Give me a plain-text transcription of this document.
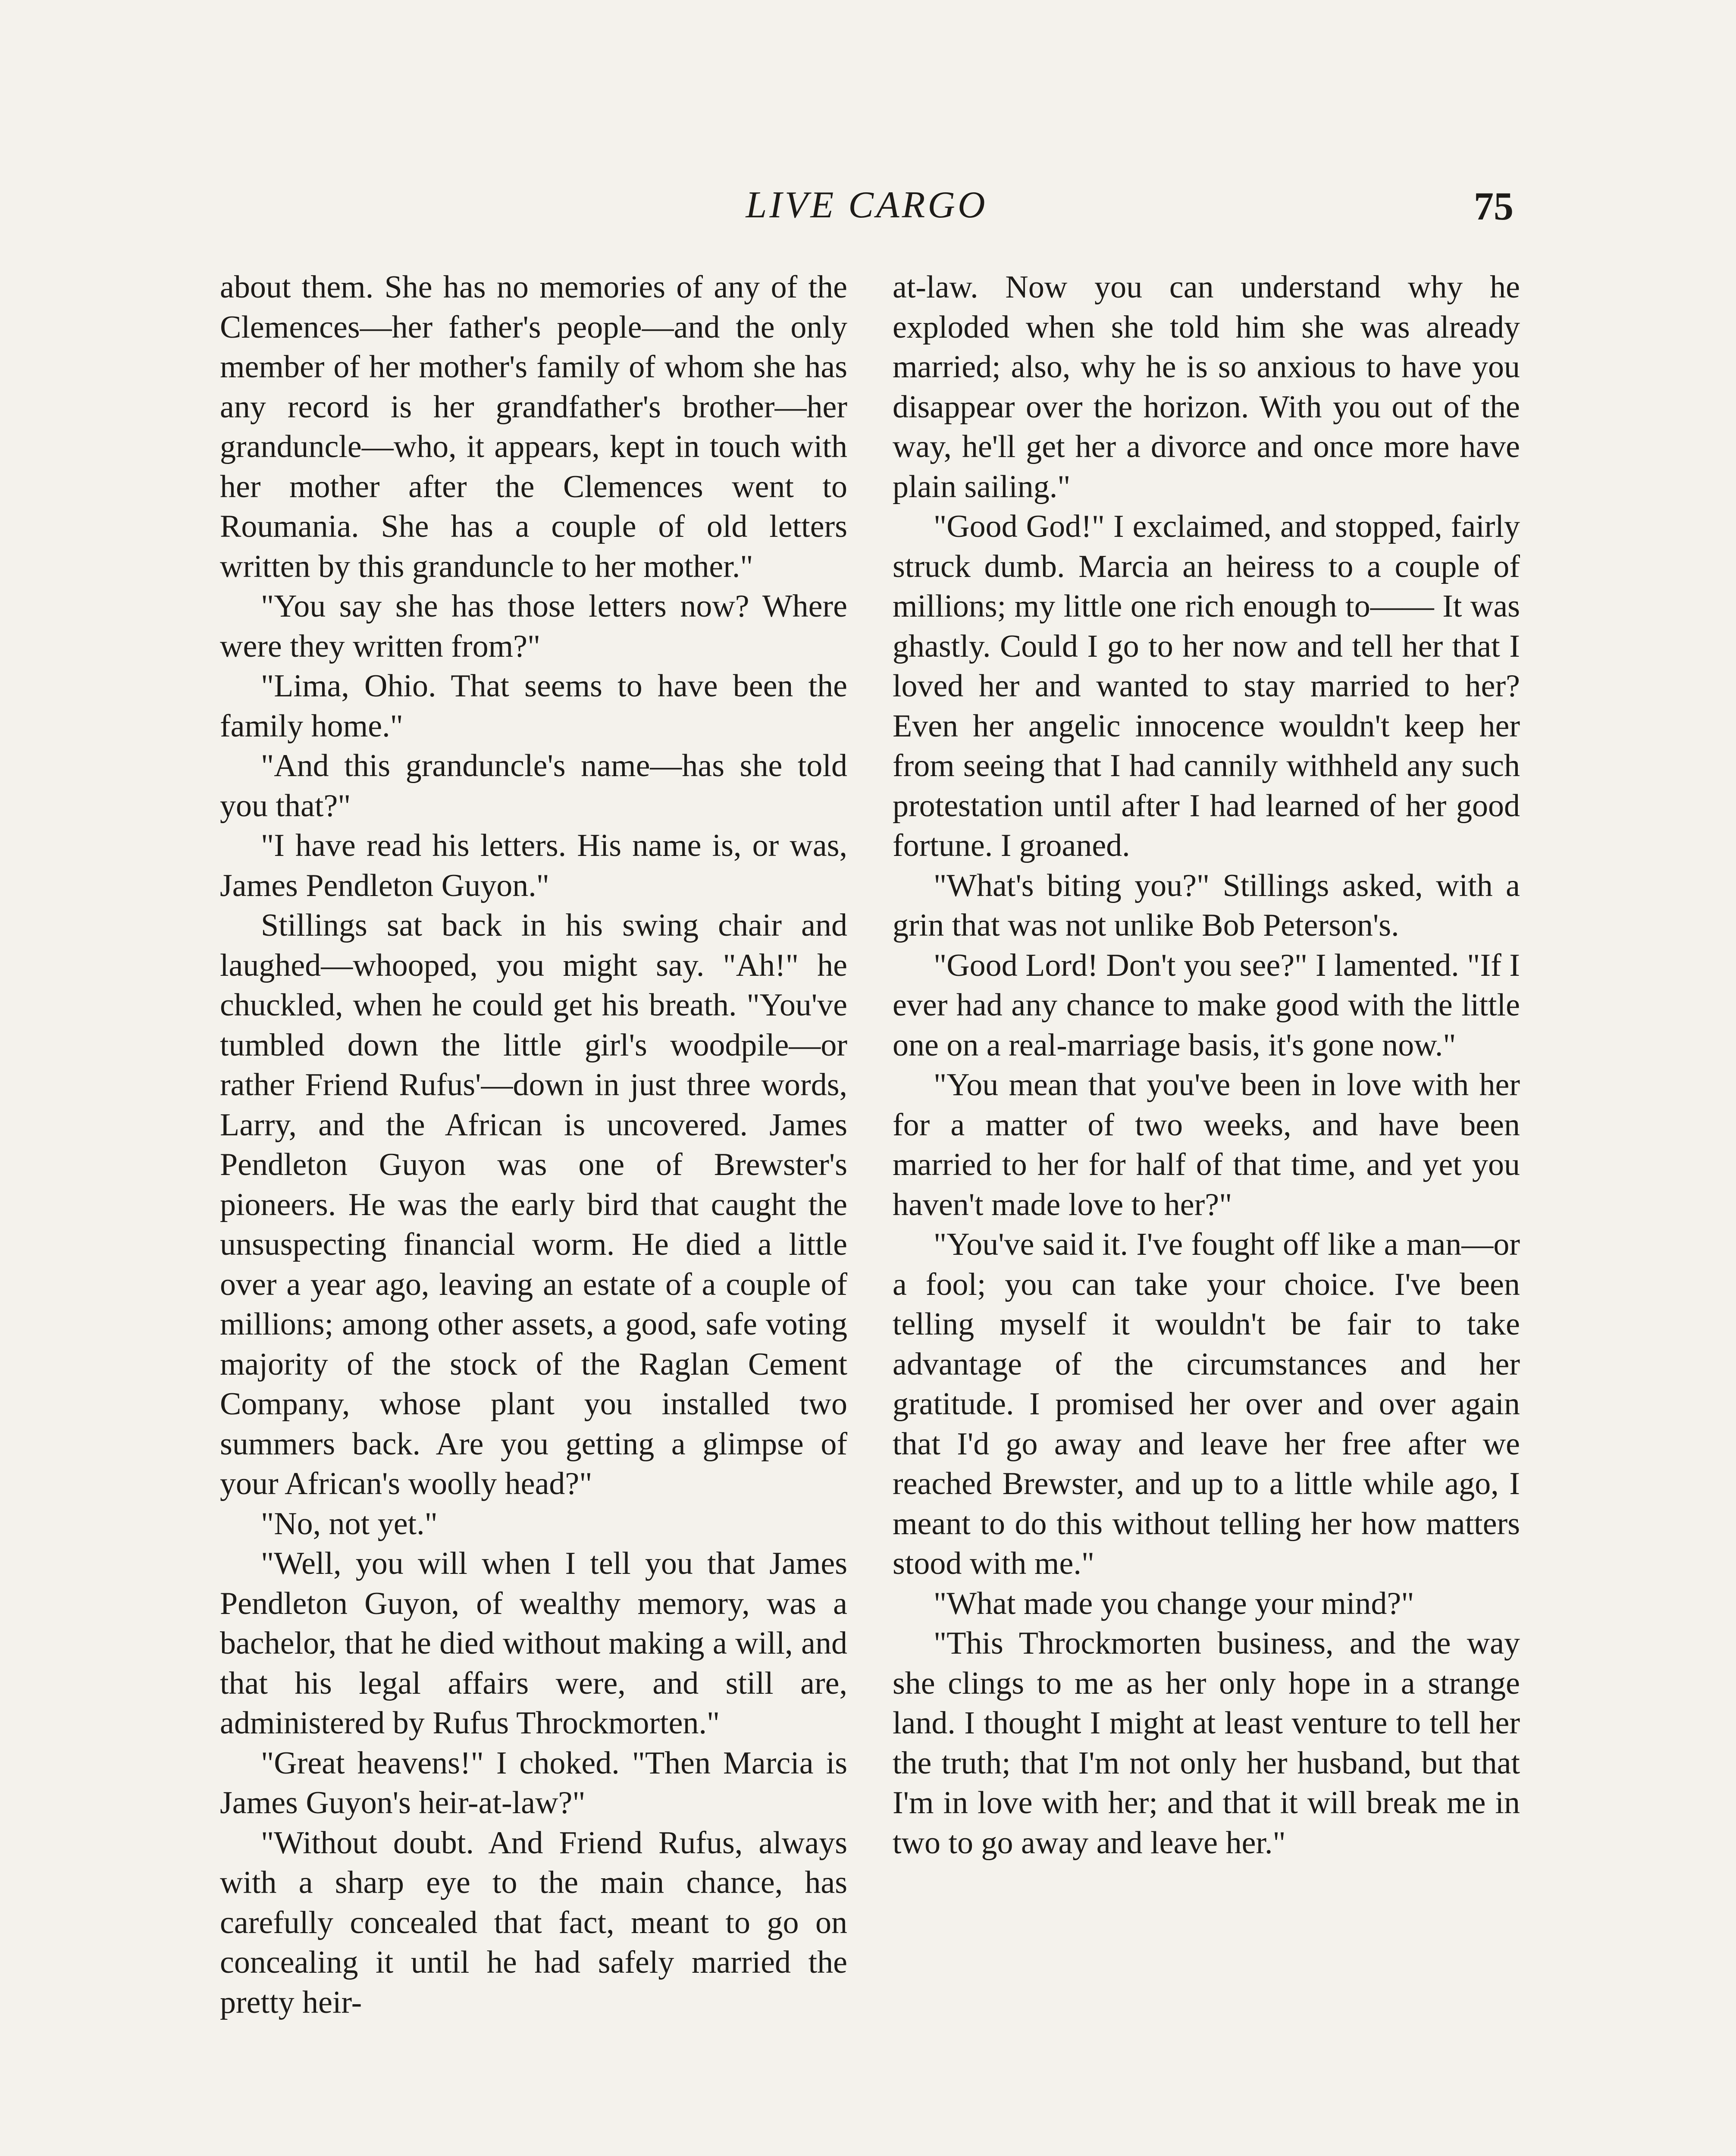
LIVE CARGO	75

about them. She has no memories of any of the Clemences—her father's people—and the only member of her mother's family of whom she has any record is her grandfather's brother—her granduncle—who, it appears, kept in touch with her mother after the Clemences went to Roumania. She has a couple of old letters written by this granduncle to her mother."

"You say she has those letters now? Where were they written from?"

"Lima, Ohio. That seems to have been the family home."

"And this granduncle's name—has she told you that?"

"I have read his letters. His name is, or was, James Pendleton Guyon."

Stillings sat back in his swing chair and laughed—whooped, you might say. "Ah!" he chuckled, when he could get his breath. "You've tumbled down the little girl's woodpile—or rather Friend Rufus'—down in just three words, Larry, and the African is uncovered. James Pendleton Guyon was one of Brewster's pioneers. He was the early bird that caught the unsuspecting financial worm. He died a little over a year ago, leaving an estate of a couple of millions; among other assets, a good, safe voting majority of the stock of the Raglan Cement Company, whose plant you installed two summers back. Are you getting a glimpse of your African's woolly head?"

"No, not yet."

"Well, you will when I tell you that James Pendleton Guyon, of wealthy memory, was a bachelor, that he died without making a will, and that his legal affairs were, and still are, administered by Rufus Throckmorten."

"Great heavens!" I choked. "Then Marcia is James Guyon's heir-at-law?"

"Without doubt. And Friend Rufus, always with a sharp eye to the main chance, has carefully concealed that fact, meant to go on concealing it until he had safely married the pretty heir-

at-law. Now you can understand why he exploded when she told him she was already married; also, why he is so anxious to have you disappear over the horizon. With you out of the way, he'll get her a divorce and once more have plain sailing."

"Good God!" I exclaimed, and stopped, fairly struck dumb. Marcia an heiress to a couple of millions; my little one rich enough to—— It was ghastly. Could I go to her now and tell her that I loved her and wanted to stay married to her? Even her angelic innocence wouldn't keep her from seeing that I had cannily withheld any such protestation until after I had learned of her good fortune. I groaned.

"What's biting you?" Stillings asked, with a grin that was not unlike Bob Peterson's.

"Good Lord! Don't you see?" I lamented. "If I ever had any chance to make good with the little one on a real-marriage basis, it's gone now."

"You mean that you've been in love with her for a matter of two weeks, and have been married to her for half of that time, and yet you haven't made love to her?"

"You've said it. I've fought off like a man—or a fool; you can take your choice. I've been telling myself it wouldn't be fair to take advantage of the circumstances and her gratitude. I promised her over and over again that I'd go away and leave her free after we reached Brewster, and up to a little while ago, I meant to do this without telling her how matters stood with me."

"What made you change your mind?"

"This Throckmorten business, and the way she clings to me as her only hope in a strange land. I thought I might at least venture to tell her the truth; that I'm not only her husband, but that I'm in love with her; and that it will break me in two to go away and leave her."
